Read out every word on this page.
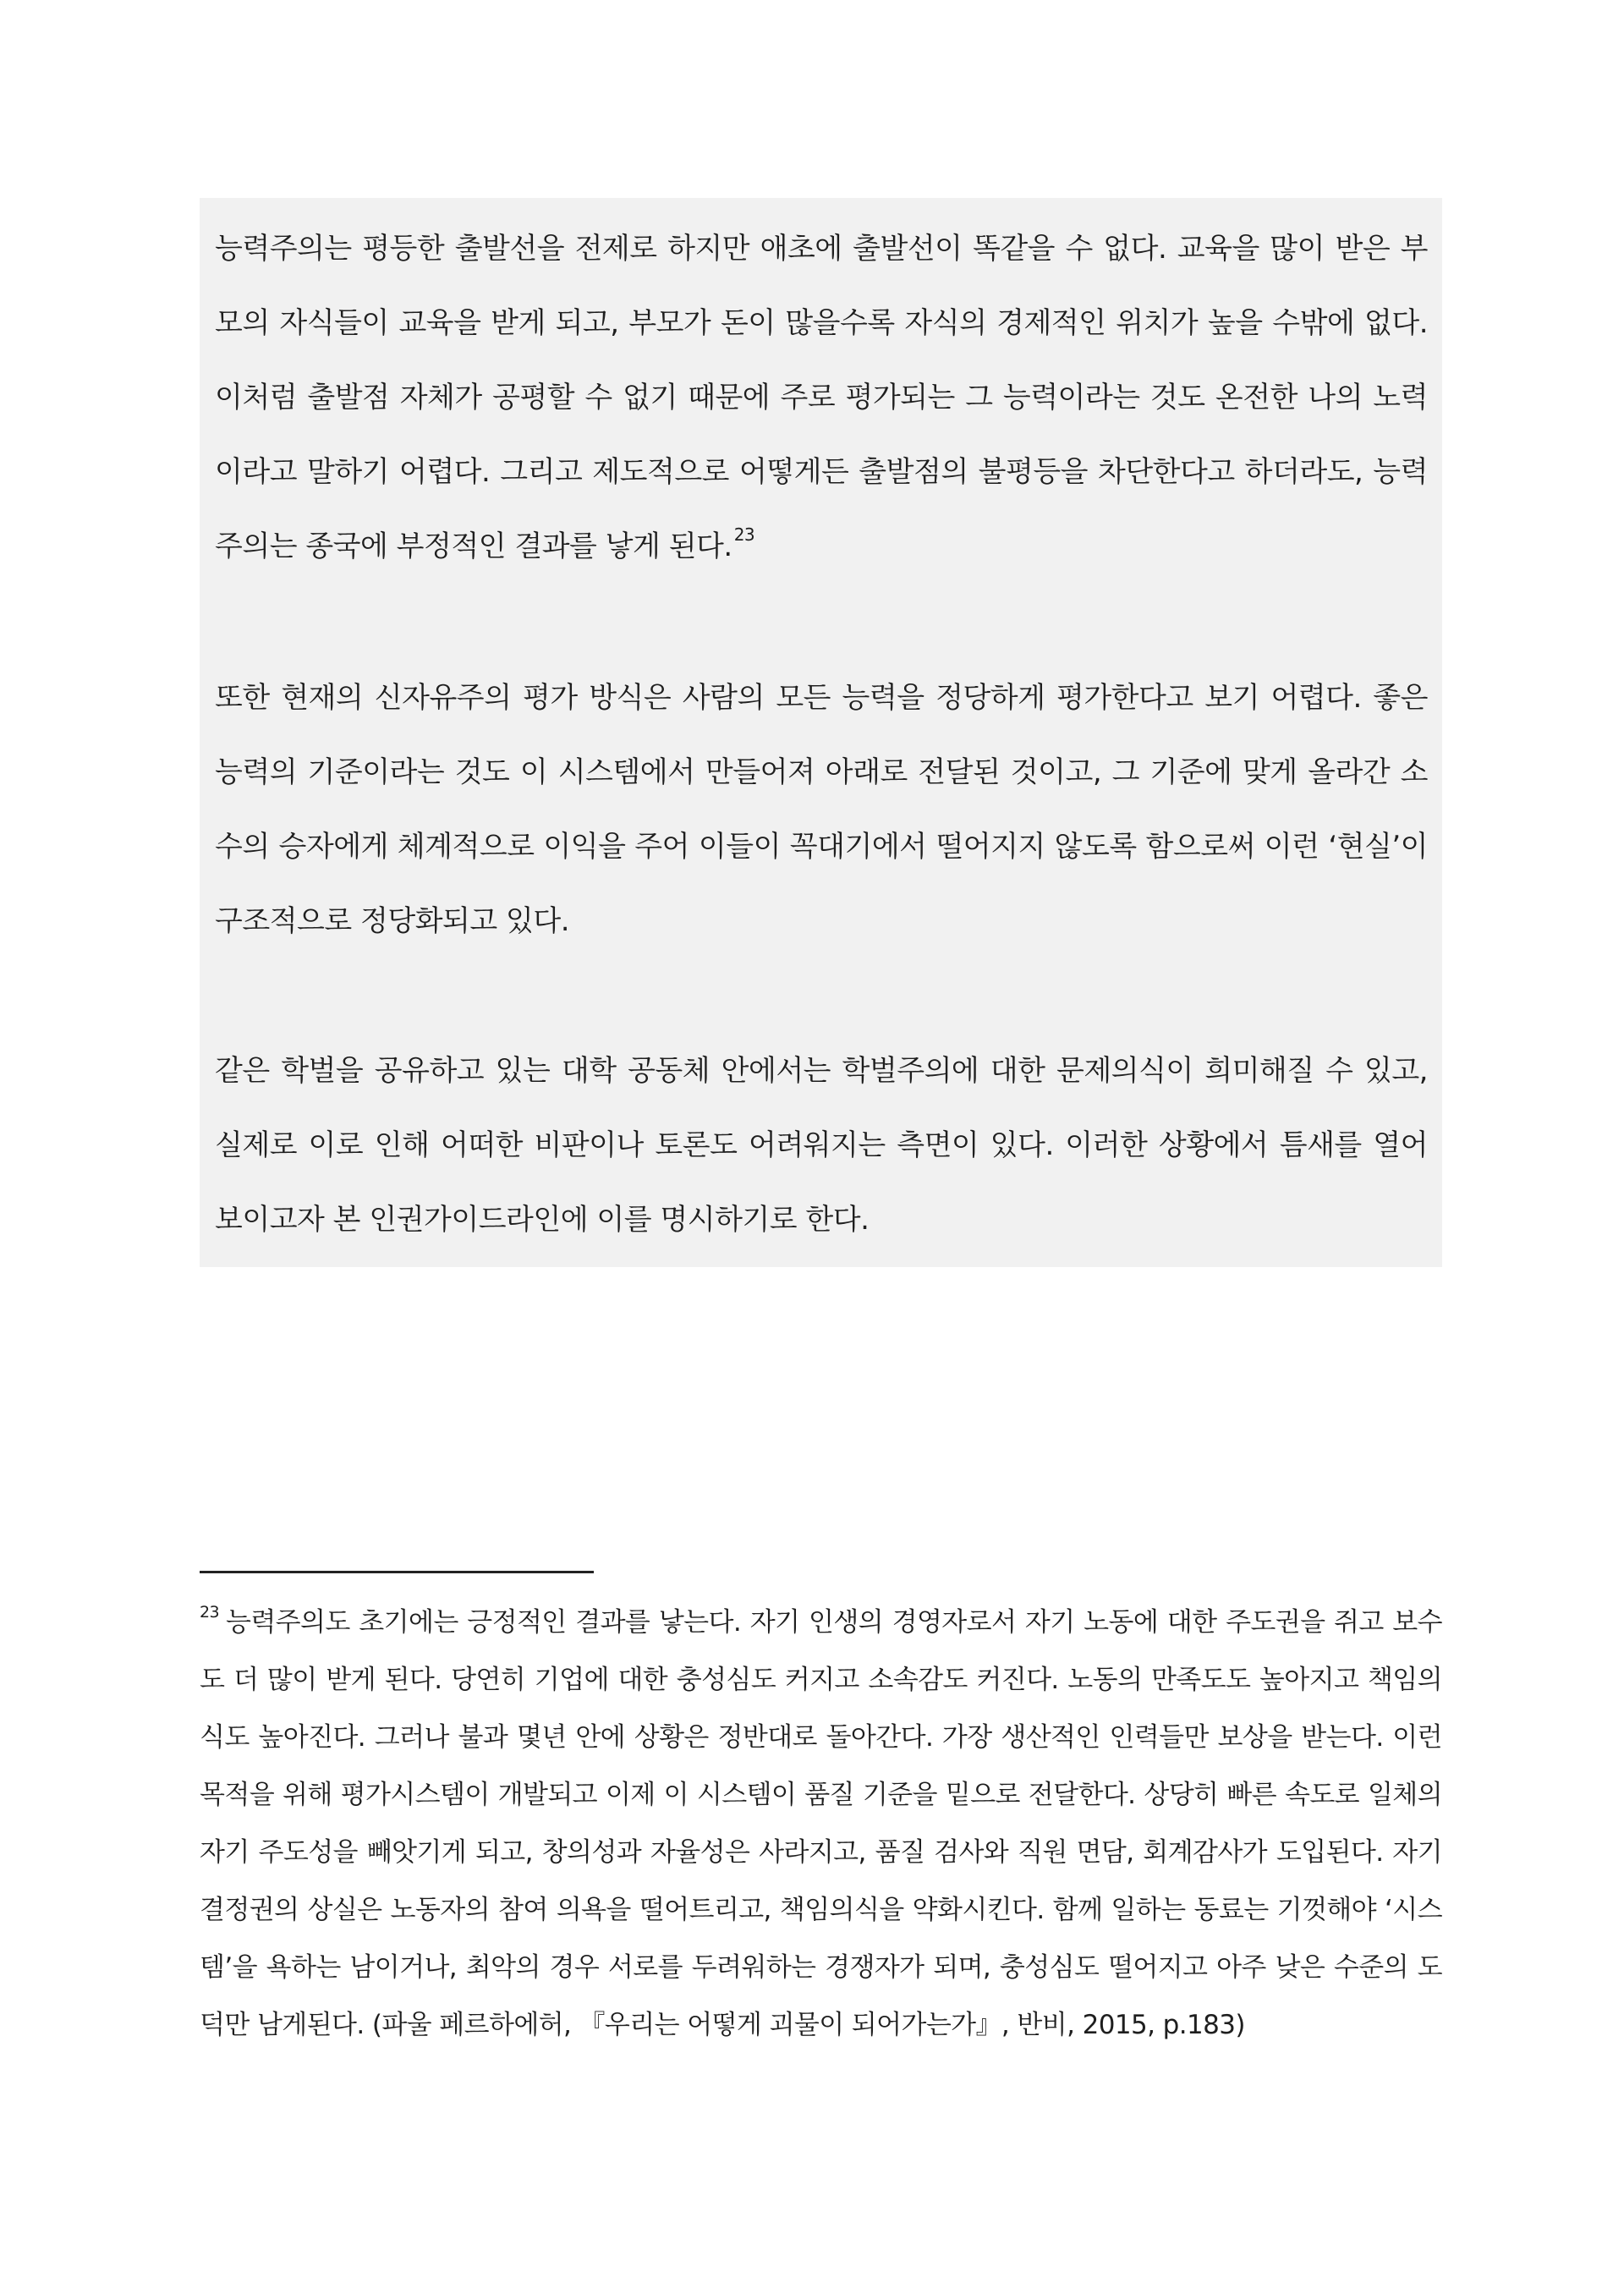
능력주의는 평등한 출발선을 전제로 하지만 애초에 출발선이 똑같을 수 없다. 교육을 많이 받은 부모의 자식들이 교육을 받게 되고, 부모가 돈이 많을수록 자식의 경제적인 위치가 높을 수밖에 없다. 이처럼 출발점 자체가 공평할 수 없기 때문에 주로 평가되는 그 능력이라는 것도 온전한 나의 노력이라고 말하기 어렵다. 그리고 제도적으로 어떻게든 출발점의 불평등을 차단한다고 하더라도, 능력주의는 종국에 부정적인 결과를 낳게 된다. $^{23}$

또한 현재의 신자유주의 평가 방식은 사람의 모든 능력을 정당하게 평가한다고 보기 어렵다. 좋은 능력의 기준이라는 것도 이 시스템에서 만들어져 아래로 전달된 것이고, 그 기준에 맞게 올라간 소수의 승자에게 체계적으로 이익을 주어 이들이 꼭대기에서 떨어지지 않도록 함으로써 이런 ‘현실’이 구조적으로 정당화되고 있다.

같은 학벌을 공유하고 있는 대학 공동체 안에서는 학벌주의에 대한 문제의식이 희미해질 수 있고, 실제로 이로 인해 어떠한 비판이나 토론도 어려워지는 측면이 있다. 이러한 상황에서 틈새를 열어 보이고자 본 인권가이드라인에 이를 명시하기로 한다.

$^{23}$ 능력주의도 초기에는 긍정적인 결과를 낳는다. 자기 인생의 경영자로서 자기 노동에 대한 주도권을 쥐고 보수도 더 많이 받게 된다. 당연히 기업에 대한 충성심도 커지고 소속감도 커진다. 노동의 만족도도 높아지고 책임의식도 높아진다. 그러나 불과 몇년 안에 상황은 정반대로 돌아간다. 가장 생산적인 인력들만 보상을 받는다. 이런 목적을 위해 평가시스템이 개발되고 이제 이 시스템이 품질 기준을 밑으로 전달한다. 상당히 빠른 속도로 일체의 자기 주도성을 빼앗기게 되고, 창의성과 자율성은 사라지고, 품질 검사와 직원 면담, 회계감사가 도입된다. 자기결정권의 상실은 노동자의 참여 의욕을 떨어트리고, 책임의식을 약화시킨다. 함께 일하는 동료는 기껏해야 ‘시스템’을 욕하는 남이거나, 최악의 경우 서로를 두려워하는 경쟁자가 되며, 충성심도 떨어지고 아주 낮은 수준의 도덕만 남게된다. (파울 페르하에허, 『우리는 어떻게 괴물이 되어가는가』, 반비, 2015, p.183)
